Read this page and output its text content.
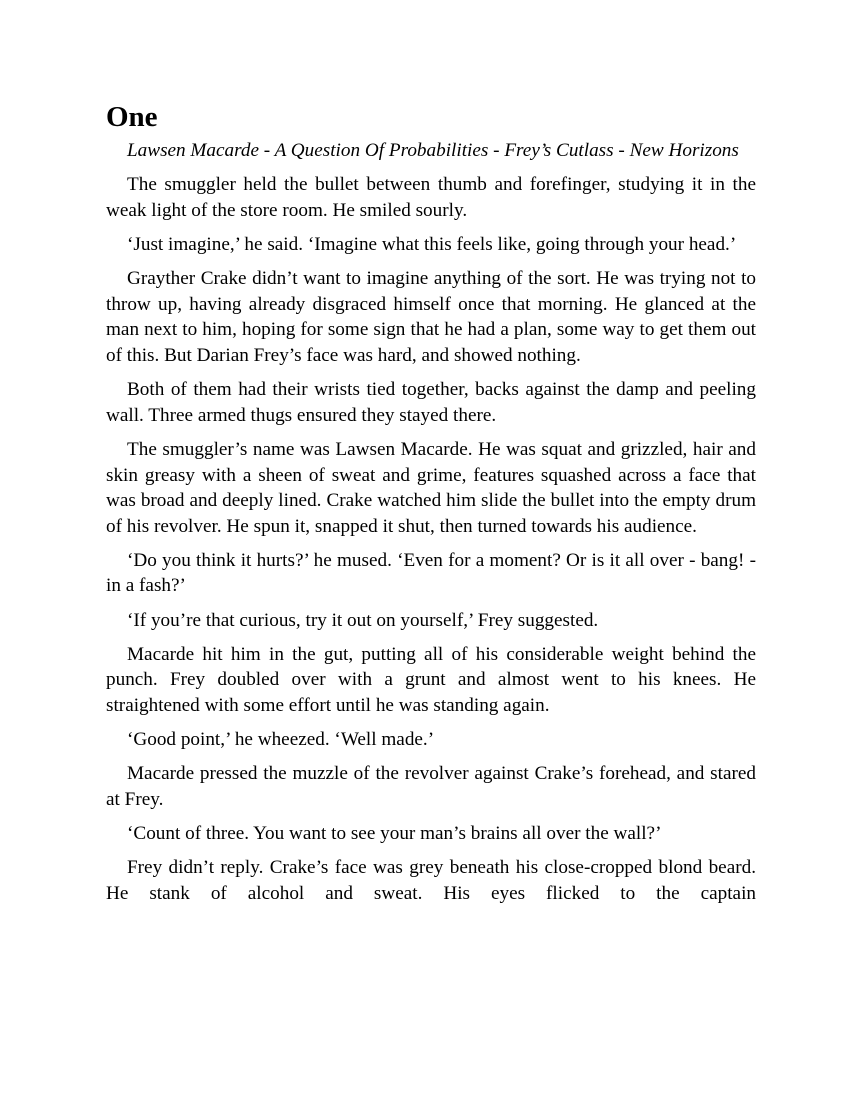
One

Lawsen Macarde - A Question Of Probabilities - Frey’s Cutlass - New Horizons

The smuggler held the bullet between thumb and forefinger, studying it in the weak light of the store room. He smiled sourly.

‘Just imagine,’ he said. ‘Imagine what this feels like, going through your head.’

Grayther Crake didn’t want to imagine anything of the sort. He was trying not to throw up, having already disgraced himself once that morning. He glanced at the man next to him, hoping for some sign that he had a plan, some way to get them out of this. But Darian Frey’s face was hard, and showed nothing.

Both of them had their wrists tied together, backs against the damp and peeling wall. Three armed thugs ensured they stayed there.

The smuggler’s name was Lawsen Macarde. He was squat and grizzled, hair and skin greasy with a sheen of sweat and grime, features squashed across a face that was broad and deeply lined. Crake watched him slide the bullet into the empty drum of his revolver. He spun it, snapped it shut, then turned towards his audience.

‘Do you think it hurts?’ he mused. ‘Even for a moment? Or is it all over - bang! - in a fash?’

‘If you’re that curious, try it out on yourself,’ Frey suggested.

Macarde hit him in the gut, putting all of his considerable weight behind the punch. Frey doubled over with a grunt and almost went to his knees. He straightened with some effort until he was standing again.

‘Good point,’ he wheezed. ‘Well made.’

Macarde pressed the muzzle of the revolver against Crake’s forehead, and stared at Frey.

‘Count of three. You want to see your man’s brains all over the wall?’

Frey didn’t reply. Crake’s face was grey beneath his close-cropped blond beard. He stank of alcohol and sweat. His eyes flicked to the captain
